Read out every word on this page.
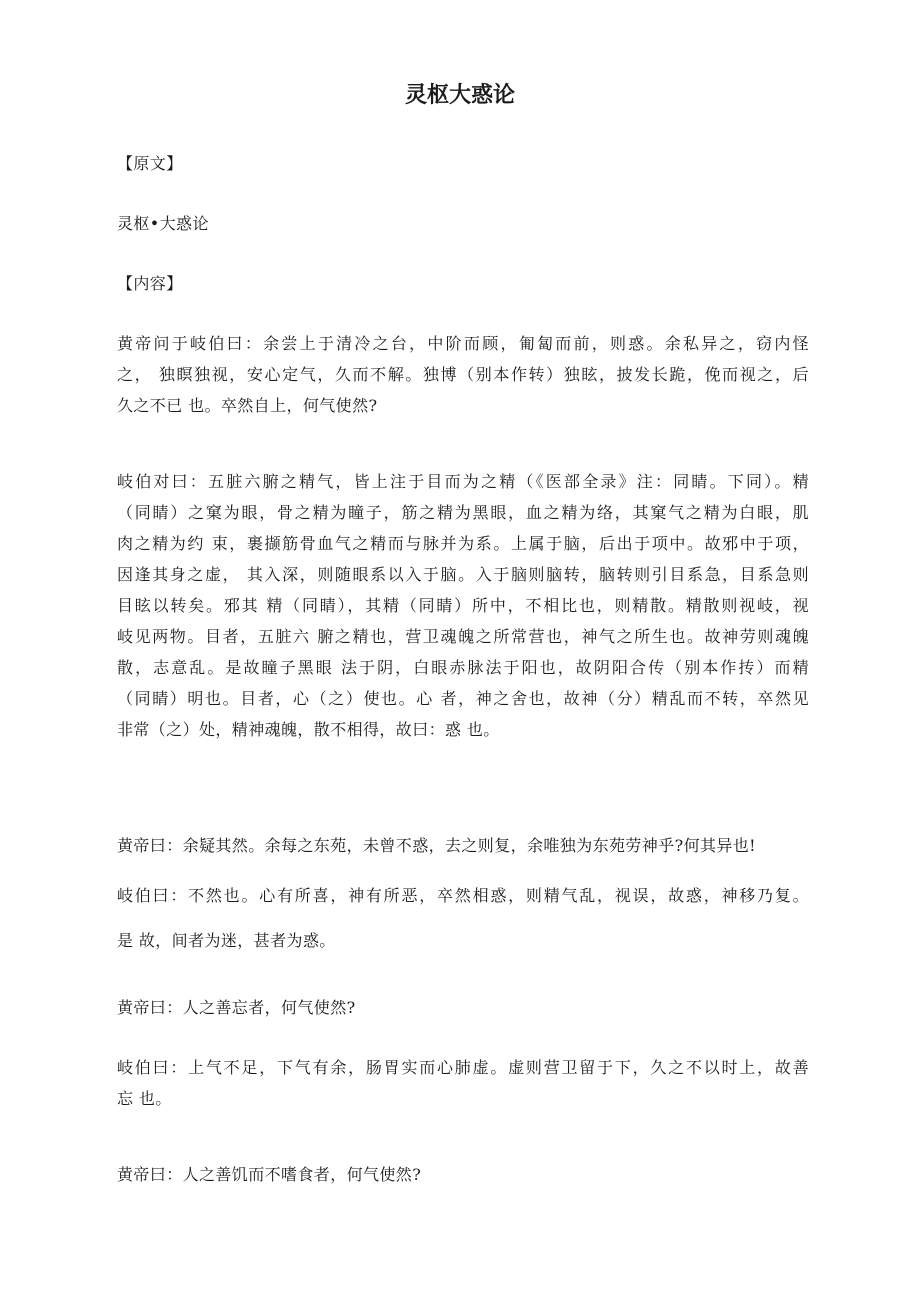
灵枢大惑论

【原文】

灵枢•大惑论

【内容】

黄帝问于岐伯曰：余尝上于清冷之台，中阶而顾，匍匐而前，则惑。余私异之，窃内怪
之， 独瞑独视，安心定气，久而不解。独博（别本作转）独眩，披发长跪，俛而视之，后
久之不已 也。卒然自上，何气使然?

岐伯对曰：五脏六腑之精气，皆上注于目而为之精（《医部全录》注：同睛。下同）。精
（同睛）之窠为眼，骨之精为瞳子，筋之精为黑眼，血之精为络，其窠气之精为白眼，肌
肉之精为约 束，裹撷筋骨血气之精而与脉并为系。上属于脑，后出于项中。故邪中于项，
因逢其身之虚， 其入深，则随眼系以入于脑。入于脑则脑转，脑转则引目系急，目系急则
目眩以转矣。邪其 精（同睛），其精（同睛）所中，不相比也，则精散。精散则视岐，视
岐见两物。目者，五脏六 腑之精也，营卫魂魄之所常营也，神气之所生也。故神劳则魂魄
散，志意乱。是故瞳子黑眼 法于阴，白眼赤脉法于阳也，故阴阳合传（别本作抟）而精
（同睛）明也。目者，心（之）使也。心 者，神之舍也，故神（分）精乱而不转，卒然见
非常（之）处，精神魂魄，散不相得，故曰：惑 也。

黄帝曰：余疑其然。余每之东苑，未曾不惑，去之则复，余唯独为东苑劳神乎?何其异也!

岐伯曰：不然也。心有所喜，神有所恶，卒然相惑，则精气乱，视误，故惑，神移乃复。
是 故，间者为迷，甚者为惑。

黄帝曰：人之善忘者，何气使然?

岐伯曰：上气不足，下气有余，肠胃实而心肺虚。虚则营卫留于下，久之不以时上，故善
忘 也。

黄帝曰：人之善饥而不嗜食者，何气使然?
